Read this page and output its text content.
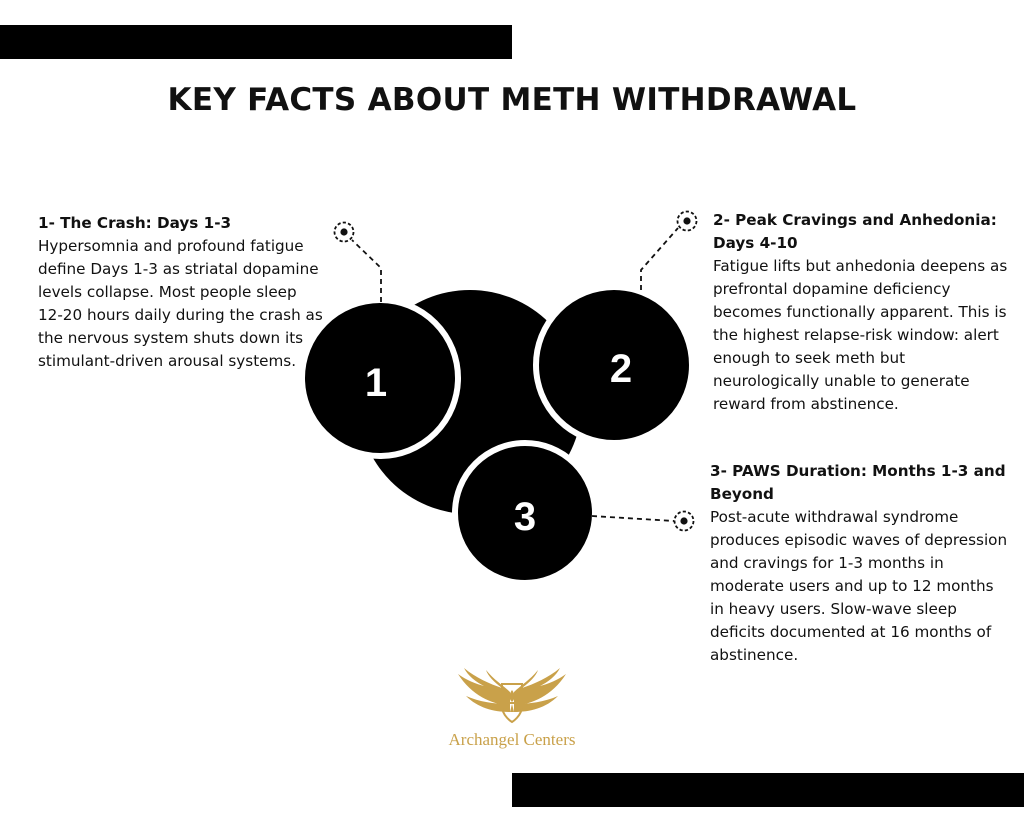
KEY FACTS ABOUT METH WITHDRAWAL
1	2
3
1- The Crash: Days 1-3

Hypersomnia and profound fatigue define Days 1-3 as striatal dopamine levels collapse. Most people sleep 12-20 hours daily during the crash as the nervous system shuts down its stimulant-driven arousal systems.

2- Peak Cravings and Anhedonia: Days 4-10

Fatigue lifts but anhedonia deepens as prefrontal dopamine deficiency becomes functionally apparent. This is the highest relapse-risk window: alert enough to seek meth but neurologically unable to generate reward from abstinence.

3- PAWS Duration: Months 1-3 and Beyond

Post-acute withdrawal syndrome produces episodic waves of depression and cravings for 1-3 months in moderate users and up to 12 months in heavy users. Slow-wave sleep deficits documented at 16 months of abstinence.

Archangel Centers
